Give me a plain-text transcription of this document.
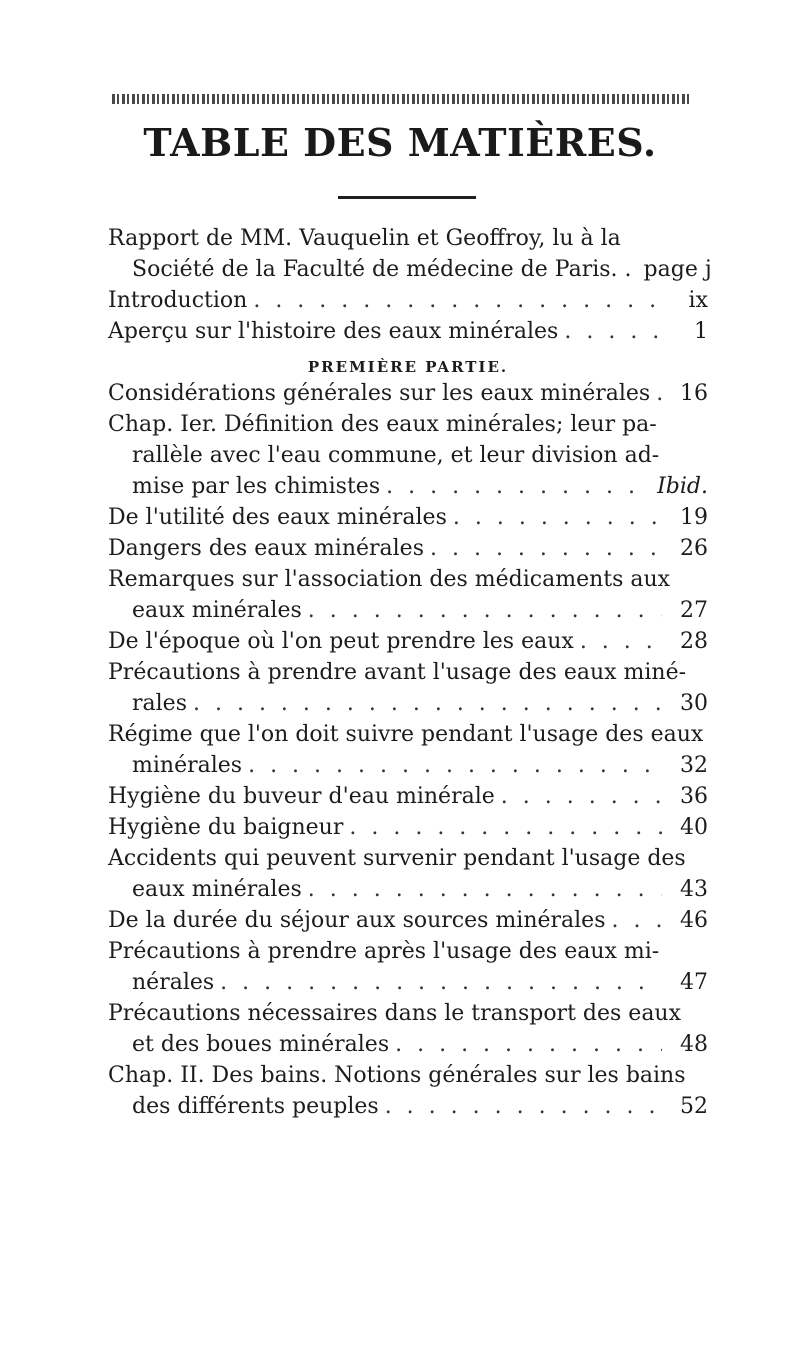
TABLE DES MATIÈRES.
Rapport de MM. Vauquelin et Geoffroy, lu à la
Société de la Faculté de médecine de Paris. . page j
Introduction . . .	ix
Aperçu sur l'histoire des eaux minérales . . .	1
PREMIÈRE PARTIE.
Considérations générales sur les eaux minérales . . .	16
Chap. Ier. Définition des eaux minérales; leur pa-
rallèle avec l'eau commune, et leur division ad-
mise par les chimistes . . .	Ibid.
De l'utilité des eaux minérales . . .	19
Dangers des eaux minérales . . .	26
Remarques sur l'association des médicaments aux
eaux minérales . . .	27
De l'époque où l'on peut prendre les eaux . . .	28
Précautions à prendre avant l'usage des eaux miné-
rales . . .	30
Régime que l'on doit suivre pendant l'usage des eaux
minérales . . .	32
Hygiène du buveur d'eau minérale . . .	36
Hygiène du baigneur . . .	40
Accidents qui peuvent survenir pendant l'usage des
eaux minérales . . .	43
De la durée du séjour aux sources minérales . . .	46
Précautions à prendre après l'usage des eaux mi-
nérales . . .	47
Précautions nécessaires dans le transport des eaux
et des boues minérales . . .	48
Chap. II. Des bains. Notions générales sur les bains
des différents peuples . . .	52
